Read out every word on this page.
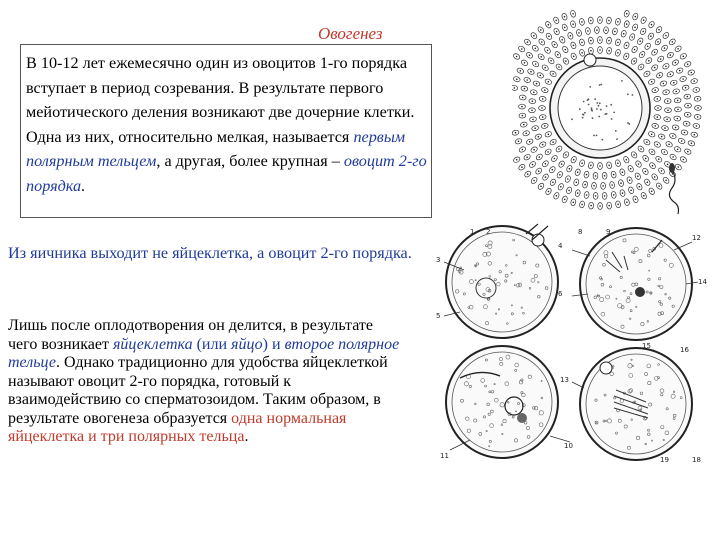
Овогенез
В 10-12 лет ежемесячно один из овоцитов 1-го порядка вступает в период созревания. В результате первого мейотического деления возникают две дочерние клетки. Одна из них, относительно мелкая, называется первым полярным тельцем, а другая, более крупная – овоцит 2-го порядка.
Из яичника выходит не яйцеклетка, а овоцит 2-го порядка.
Лишь после оплодотворения он делится, в результате чего возникает яйцеклетка (или яйцо) и второе полярное тельце. Однако традиционно для удобства яйцеклеткой называют овоцит 2-го порядка, готовый к взаимодействию со сперматозоидом. Таким образом, в результате овогенеза образуется одна нормальная яйцеклетка и три полярных тельца.
3
5
1 2
4
6
8	9
12
14
13
11
10
15	16
18
19
